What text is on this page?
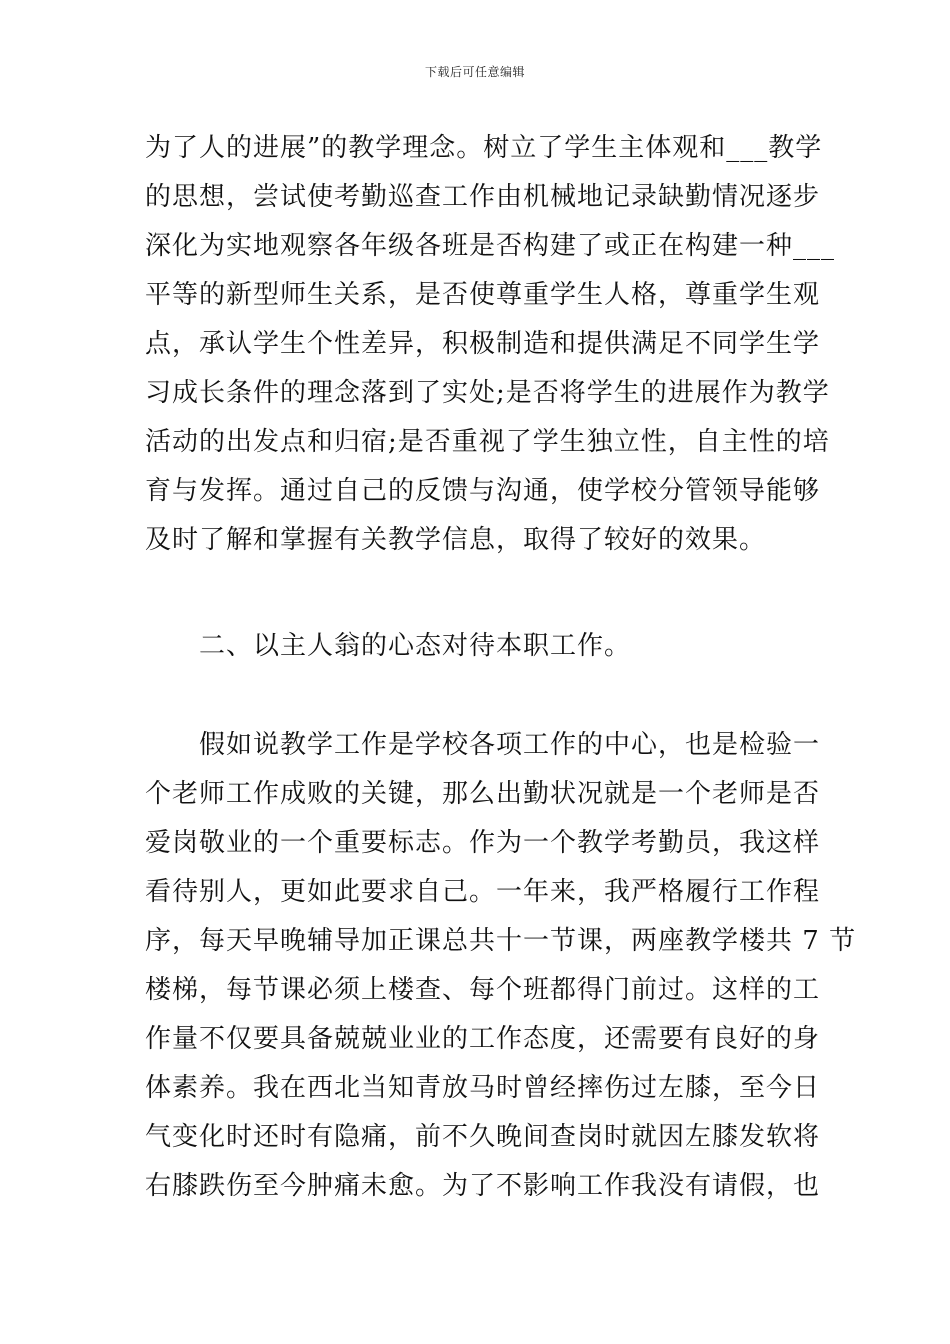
下载后可任意编辑
为了人的进展”的教学理念。树立了学生主体观和___教学
的思想，尝试使考勤巡查工作由机械地记录缺勤情况逐步
深化为实地观察各年级各班是否构建了或正在构建一种___
平等的新型师生关系，是否使尊重学生人格，尊重学生观
点，承认学生个性差异，积极制造和提供满足不同学生学
习成长条件的理念落到了实处;是否将学生的进展作为教学
活动的出发点和归宿;是否重视了学生独立性，自主性的培
育与发挥。通过自己的反馈与沟通，使学校分管领导能够
及时了解和掌握有关教学信息，取得了较好的效果。
二、以主人翁的心态对待本职工作。
假如说教学工作是学校各项工作的中心，也是检验一
个老师工作成败的关键，那么出勤状况就是一个老师是否
爱岗敬业的一个重要标志。作为一个教学考勤员，我这样
看待别人，更如此要求自己。一年来，我严格履行工作程
序，每天早晚辅导加正课总共十一节课，两座教学楼共 7 节
楼梯，每节课必须上楼查、每个班都得门前过。这样的工
作量不仅要具备兢兢业业的工作态度，还需要有良好的身
体素养。我在西北当知青放马时曾经摔伤过左膝，至今日
气变化时还时有隐痛，前不久晚间查岗时就因左膝发软将
右膝跌伤至今肿痛未愈。为了不影响工作我没有请假，也
